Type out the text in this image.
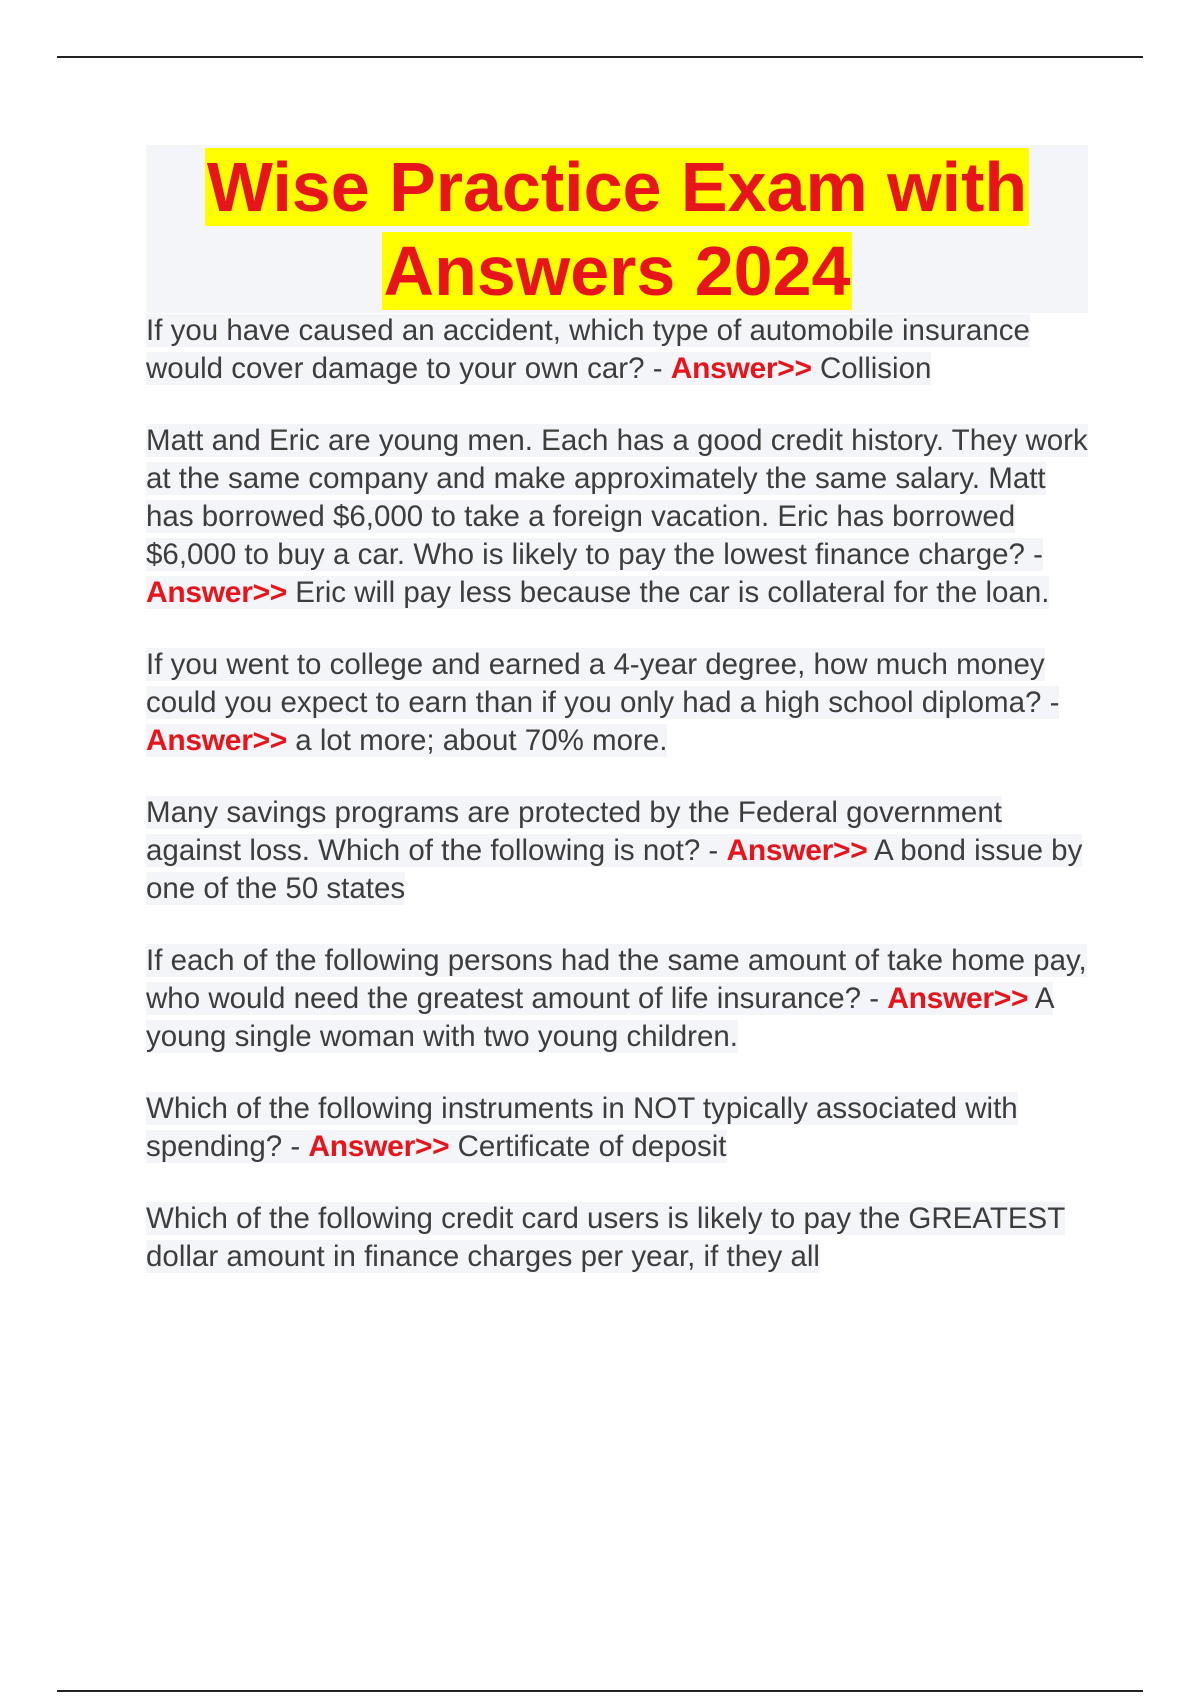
Wise Practice Exam with Answers 2024

If you have caused an accident, which type of automobile insurance would cover damage to your own car? - Answer>> Collision

Matt and Eric are young men. Each has a good credit history. They work at the same company and make approximately the same salary. Matt has borrowed $6,000 to take a foreign vacation. Eric has borrowed $6,000 to buy a car. Who is likely to pay the lowest finance charge? - Answer>> Eric will pay less because the car is collateral for the loan.

If you went to college and earned a 4-year degree, how much money could you expect to earn than if you only had a high school diploma? - Answer>> a lot more; about 70% more.

Many savings programs are protected by the Federal government against loss. Which of the following is not? - Answer>> A bond issue by one of the 50 states

If each of the following persons had the same amount of take home pay, who would need the greatest amount of life insurance? - Answer>> A young single woman with two young children.

Which of the following instruments in NOT typically associated with spending? - Answer>> Certificate of deposit

Which of the following credit card users is likely to pay the GREATEST dollar amount in finance charges per year, if they all
